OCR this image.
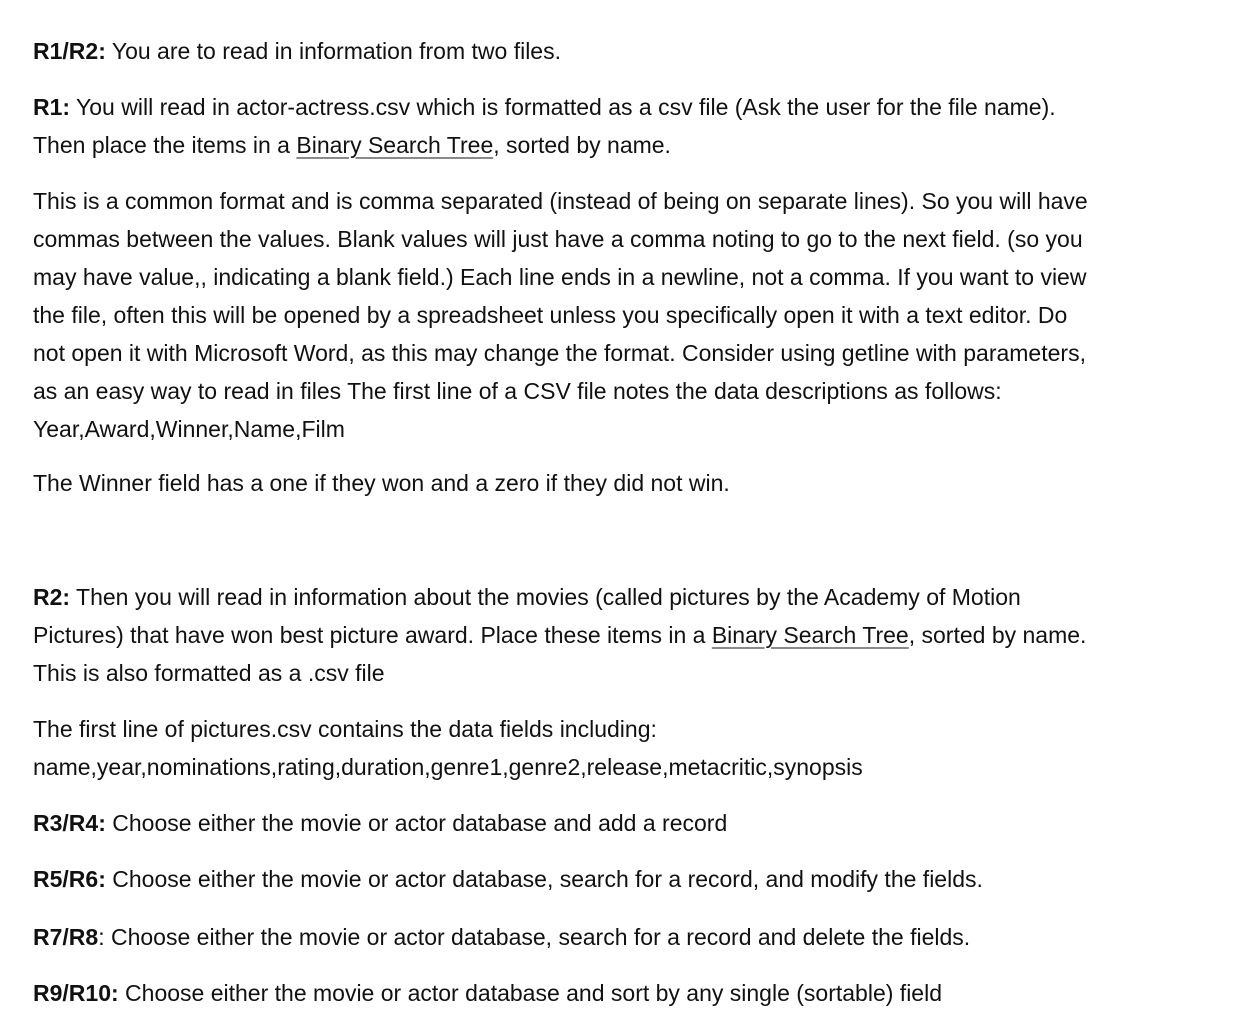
R1/R2: You are to read in information from two files.

R1: You will read in actor-actress.csv which is formatted as a csv file (Ask the user for the file name).
Then place the items in a Binary Search Tree, sorted by name.
This is a common format and is comma separated (instead of being on separate lines). So you will have
commas between the values. Blank values will just have a comma noting to go to the next field. (so you
may have value,, indicating a blank field.) Each line ends in a newline, not a comma. If you want to view
the file, often this will be opened by a spreadsheet unless you specifically open it with a text editor. Do
not open it with Microsoft Word, as this may change the format. Consider using getline with parameters,
as an easy way to read in files The first line of a CSV file notes the data descriptions as follows:
Year,Award,Winner,Name,Film

The Winner field has a one if they won and a zero if they did not win.

R2: Then you will read in information about the movies (called pictures by the Academy of Motion
Pictures) that have won best picture award. Place these items in a Binary Search Tree, sorted by name.
This is also formatted as a .csv file
The first line of pictures.csv contains the data fields including:
name,year,nominations,rating,duration,genre1,genre2,release,metacritic,synopsis

R3/R4: Choose either the movie or actor database and add a record

R5/R6: Choose either the movie or actor database, search for a record, and modify the fields.

R7/R8: Choose either the movie or actor database, search for a record and delete the fields.

R9/R10: Choose either the movie or actor database and sort by any single (sortable) field
